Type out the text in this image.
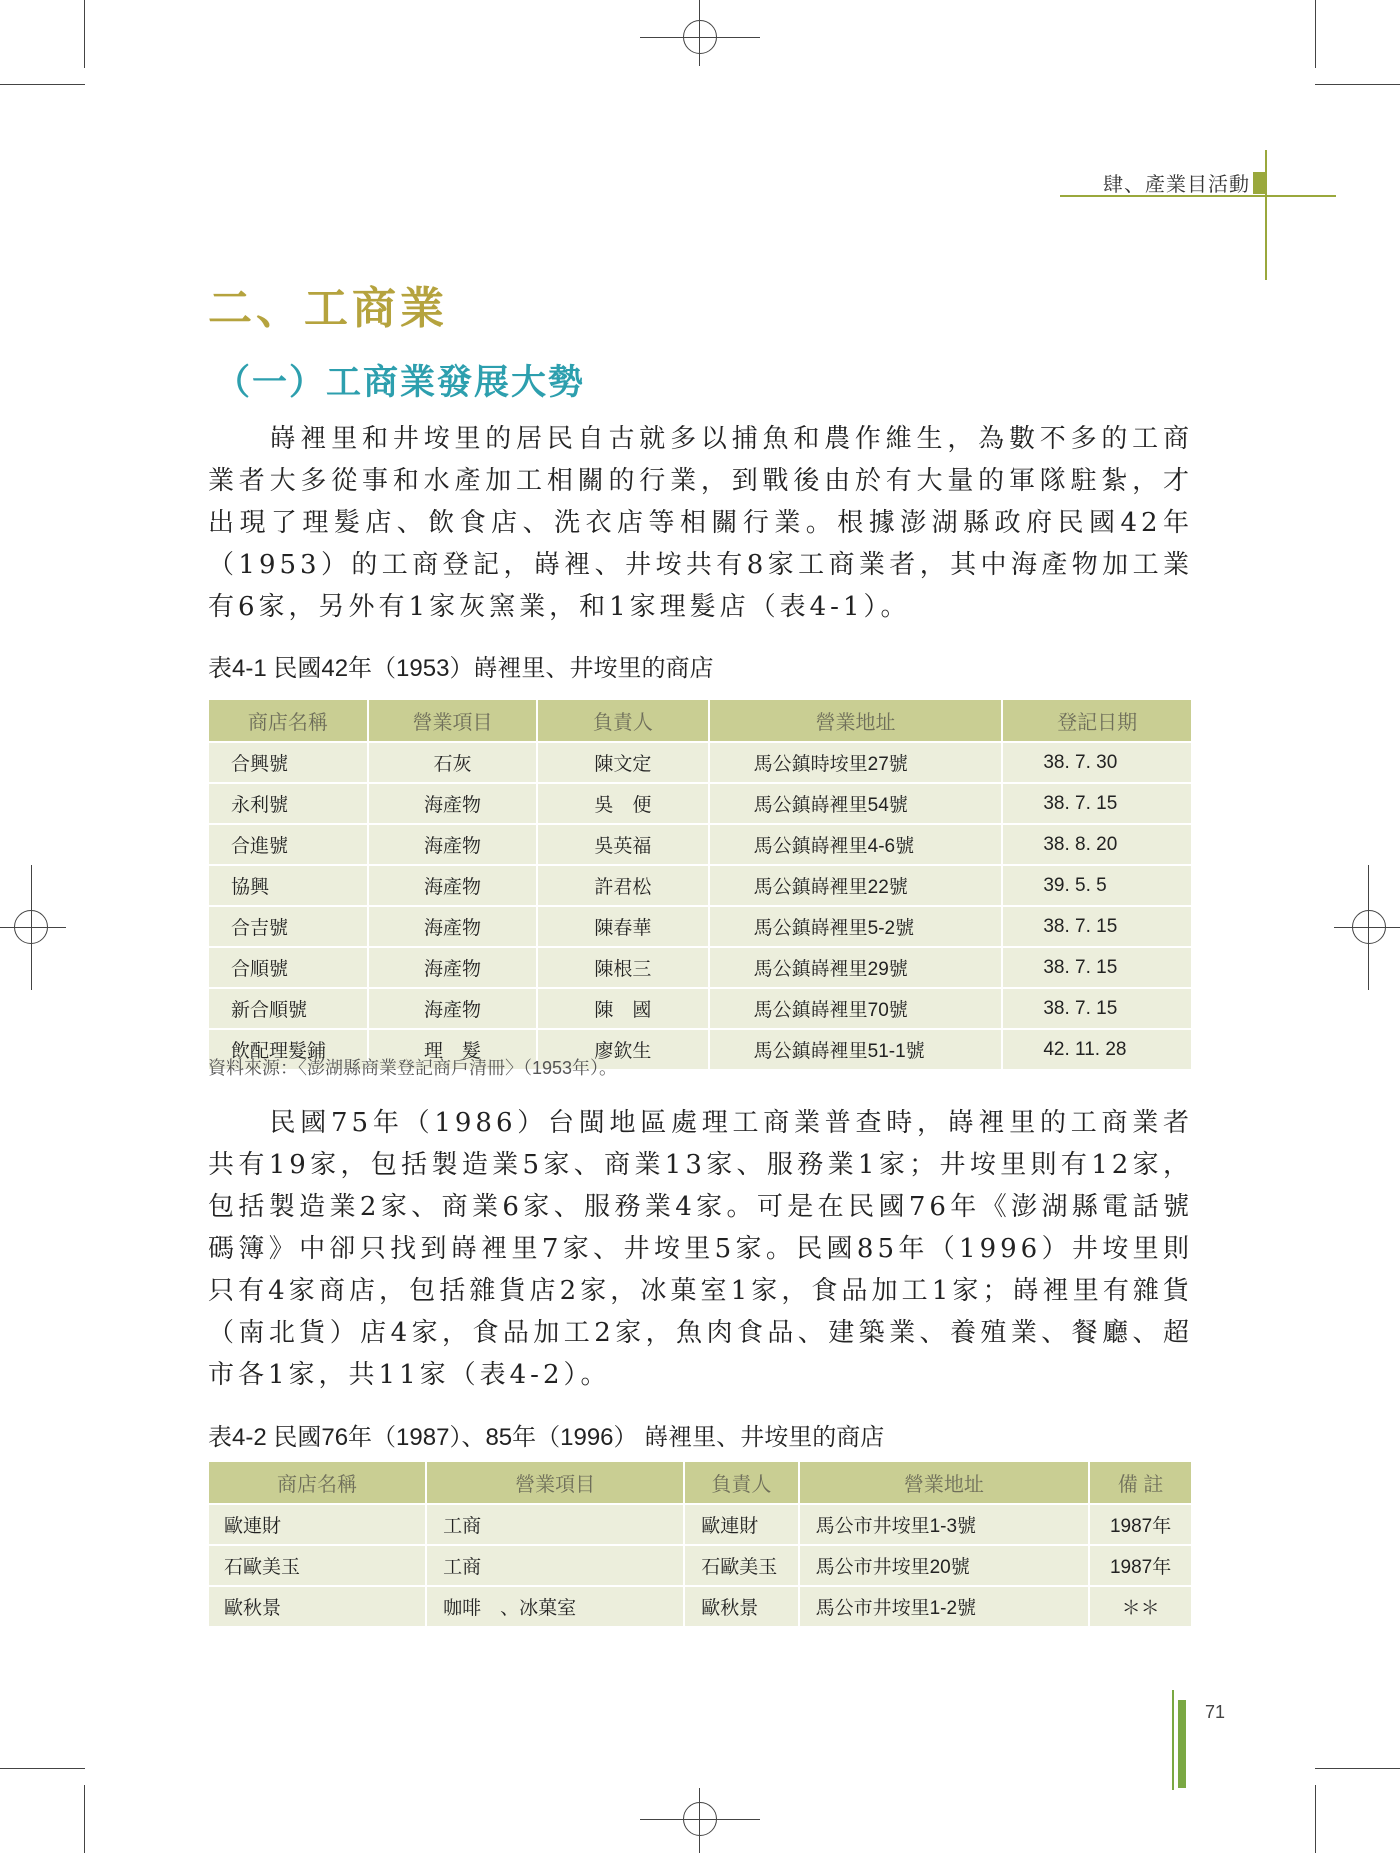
肆、產業目活動
二、工商業
（一）工商業發展大勢
　　嵵裡里和井垵里的居民自古就多以捕魚和農作維生，為數不多的工商業者大多從事和水產加工相關的行業，到戰後由於有大量的軍隊駐紮，才出現了理髮店、飲食店、洗衣店等相關行業。根據澎湖縣政府民國42年（1953）的工商登記，嵵裡、井垵共有8家工商業者，其中海產物加工業有6家，另外有1家灰窯業，和1家理髮店（表4-1）。
表4-1 民國42年（1953）嵵裡里、井垵里的商店
商店名稱	營業項目	負責人	營業地址	登記日期
合興號	石灰	陳文定	馬公鎮時垵里27號	38. 7. 30
永利號	海產物	吳　便	馬公鎮嵵裡里54號	38. 7. 15
合進號	海產物	吳英福	馬公鎮嵵裡里4-6號	38. 8. 20
協興	海產物	許君松	馬公鎮嵵裡里22號	39. 5. 5
合吉號	海產物	陳春華	馬公鎮嵵裡里5-2號	38. 7. 15
合順號	海產物	陳根三	馬公鎮嵵裡里29號	38. 7. 15
新合順號	海產物	陳　國	馬公鎮嵵裡里70號	38. 7. 15
飲配理髮鋪	理　髮	廖欽生	馬公鎮嵵裡里51-1號	42. 11. 28
資料來源：〈澎湖縣商業登記商戶清冊〉（1953年）。
　　民國75年（1986）台閩地區處理工商業普查時，嵵裡里的工商業者共有19家，包括製造業5家、商業13家、服務業1家；井垵里則有12家，包括製造業2家、商業6家、服務業4家。可是在民國76年《澎湖縣電話號碼簿》中卻只找到嵵裡里7家、井垵里5家。民國85年（1996）井垵里則只有4家商店，包括雜貨店2家，冰菓室1家，食品加工1家；嵵裡里有雜貨（南北貨）店4家，食品加工2家，魚肉食品、建築業、養殖業、餐廳、超市各1家，共11家（表4-2）。
表4-2 民國76年（1987）、85年（1996） 嵵裡里、井垵里的商店
商店名稱	營業項目	負責人	營業地址	備 註
歐連財	工商	歐連財	馬公市井垵里1-3號	1987年
石歐美玉	工商	石歐美玉	馬公市井垵里20號	1987年
歐秋景	咖啡　、冰菓室	歐秋景	馬公市井垵里1-2號	＊＊
71
